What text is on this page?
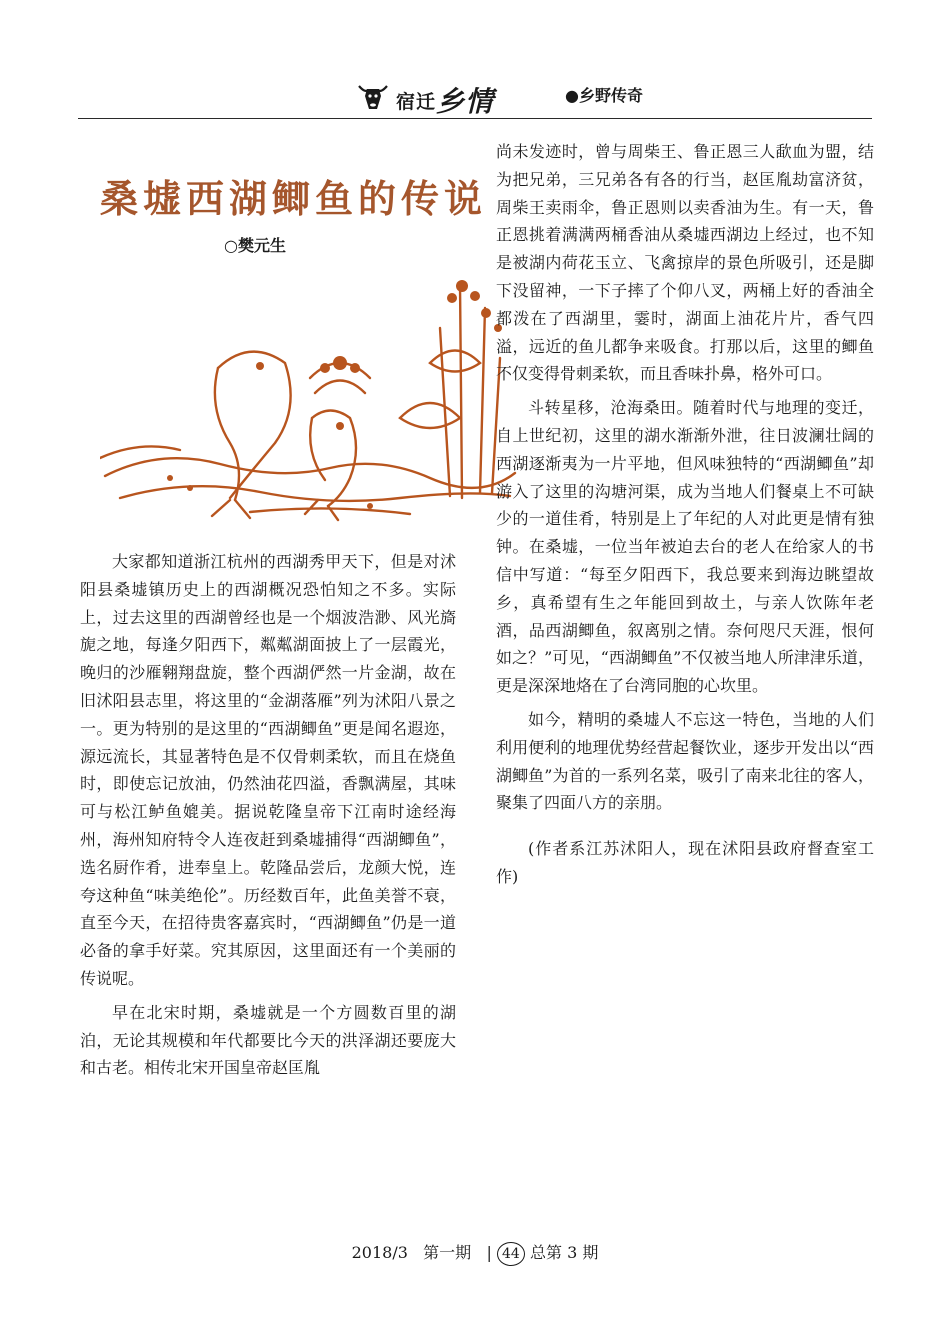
宿迁乡情	●乡野传奇
桑墟西湖鲫鱼的传说
○樊元生

大家都知道浙江杭州的西湖秀甲天下，但是对沭阳县桑墟镇历史上的西湖概况恐怕知之不多。实际上，过去这里的西湖曾经也是一个烟波浩渺、风光旖旎之地，每逢夕阳西下，粼粼湖面披上了一层霞光，晚归的沙雁翱翔盘旋，整个西湖俨然一片金湖，故在旧沭阳县志里，将这里的“金湖落雁”列为沭阳八景之一。更为特别的是这里的“西湖鲫鱼”更是闻名遐迩，源远流长，其显著特色是不仅骨刺柔软，而且在烧鱼时，即使忘记放油，仍然油花四溢，香飘满屋，其味可与松江鲈鱼媲美。据说乾隆皇帝下江南时途经海州，海州知府特令人连夜赶到桑墟捕得“西湖鲫鱼”，选名厨作肴，进奉皇上。乾隆品尝后，龙颜大悦，连夸这种鱼“味美绝伦”。历经数百年，此鱼美誉不衰，直至今天，在招待贵客嘉宾时，“西湖鲫鱼”仍是一道必备的拿手好菜。究其原因，这里面还有一个美丽的传说呢。

早在北宋时期，桑墟就是一个方圆数百里的湖泊，无论其规模和年代都要比今天的洪泽湖还要庞大和古老。相传北宋开国皇帝赵匡胤

尚未发迹时，曾与周柴王、鲁正恩三人歃血为盟，结为把兄弟，三兄弟各有各的行当，赵匡胤劫富济贫，周柴王卖雨伞，鲁正恩则以卖香油为生。有一天，鲁正恩挑着满满两桶香油从桑墟西湖边上经过，也不知是被湖内荷花玉立、飞禽掠岸的景色所吸引，还是脚下没留神，一下子摔了个仰八叉，两桶上好的香油全都泼在了西湖里，霎时，湖面上油花片片，香气四溢，远近的鱼儿都争来吸食。打那以后，这里的鲫鱼不仅变得骨刺柔软，而且香味扑鼻，格外可口。

斗转星移，沧海桑田。随着时代与地理的变迁，自上世纪初，这里的湖水渐渐外泄，往日波澜壮阔的西湖逐渐夷为一片平地，但风味独特的“西湖鲫鱼”却游入了这里的沟塘河渠，成为当地人们餐桌上不可缺少的一道佳肴，特别是上了年纪的人对此更是情有独钟。在桑墟，一位当年被迫去台的老人在给家人的书信中写道：“每至夕阳西下，我总要来到海边眺望故乡，真希望有生之年能回到故土，与亲人饮陈年老酒，品西湖鲫鱼，叙离别之情。奈何咫尺天涯，恨何如之？”可见，“西湖鲫鱼”不仅被当地人所津津乐道，更是深深地烙在了台湾同胞的心坎里。

如今，精明的桑墟人不忘这一特色，当地的人们利用便利的地理优势经营起餐饮业，逐步开发出以“西湖鲫鱼”为首的一系列名菜，吸引了南来北往的客人，聚集了四面八方的亲朋。

(作者系江苏沭阳人，现在沭阳县政府督查室工作)

2018/3 第一期 | 44 总第 3 期
